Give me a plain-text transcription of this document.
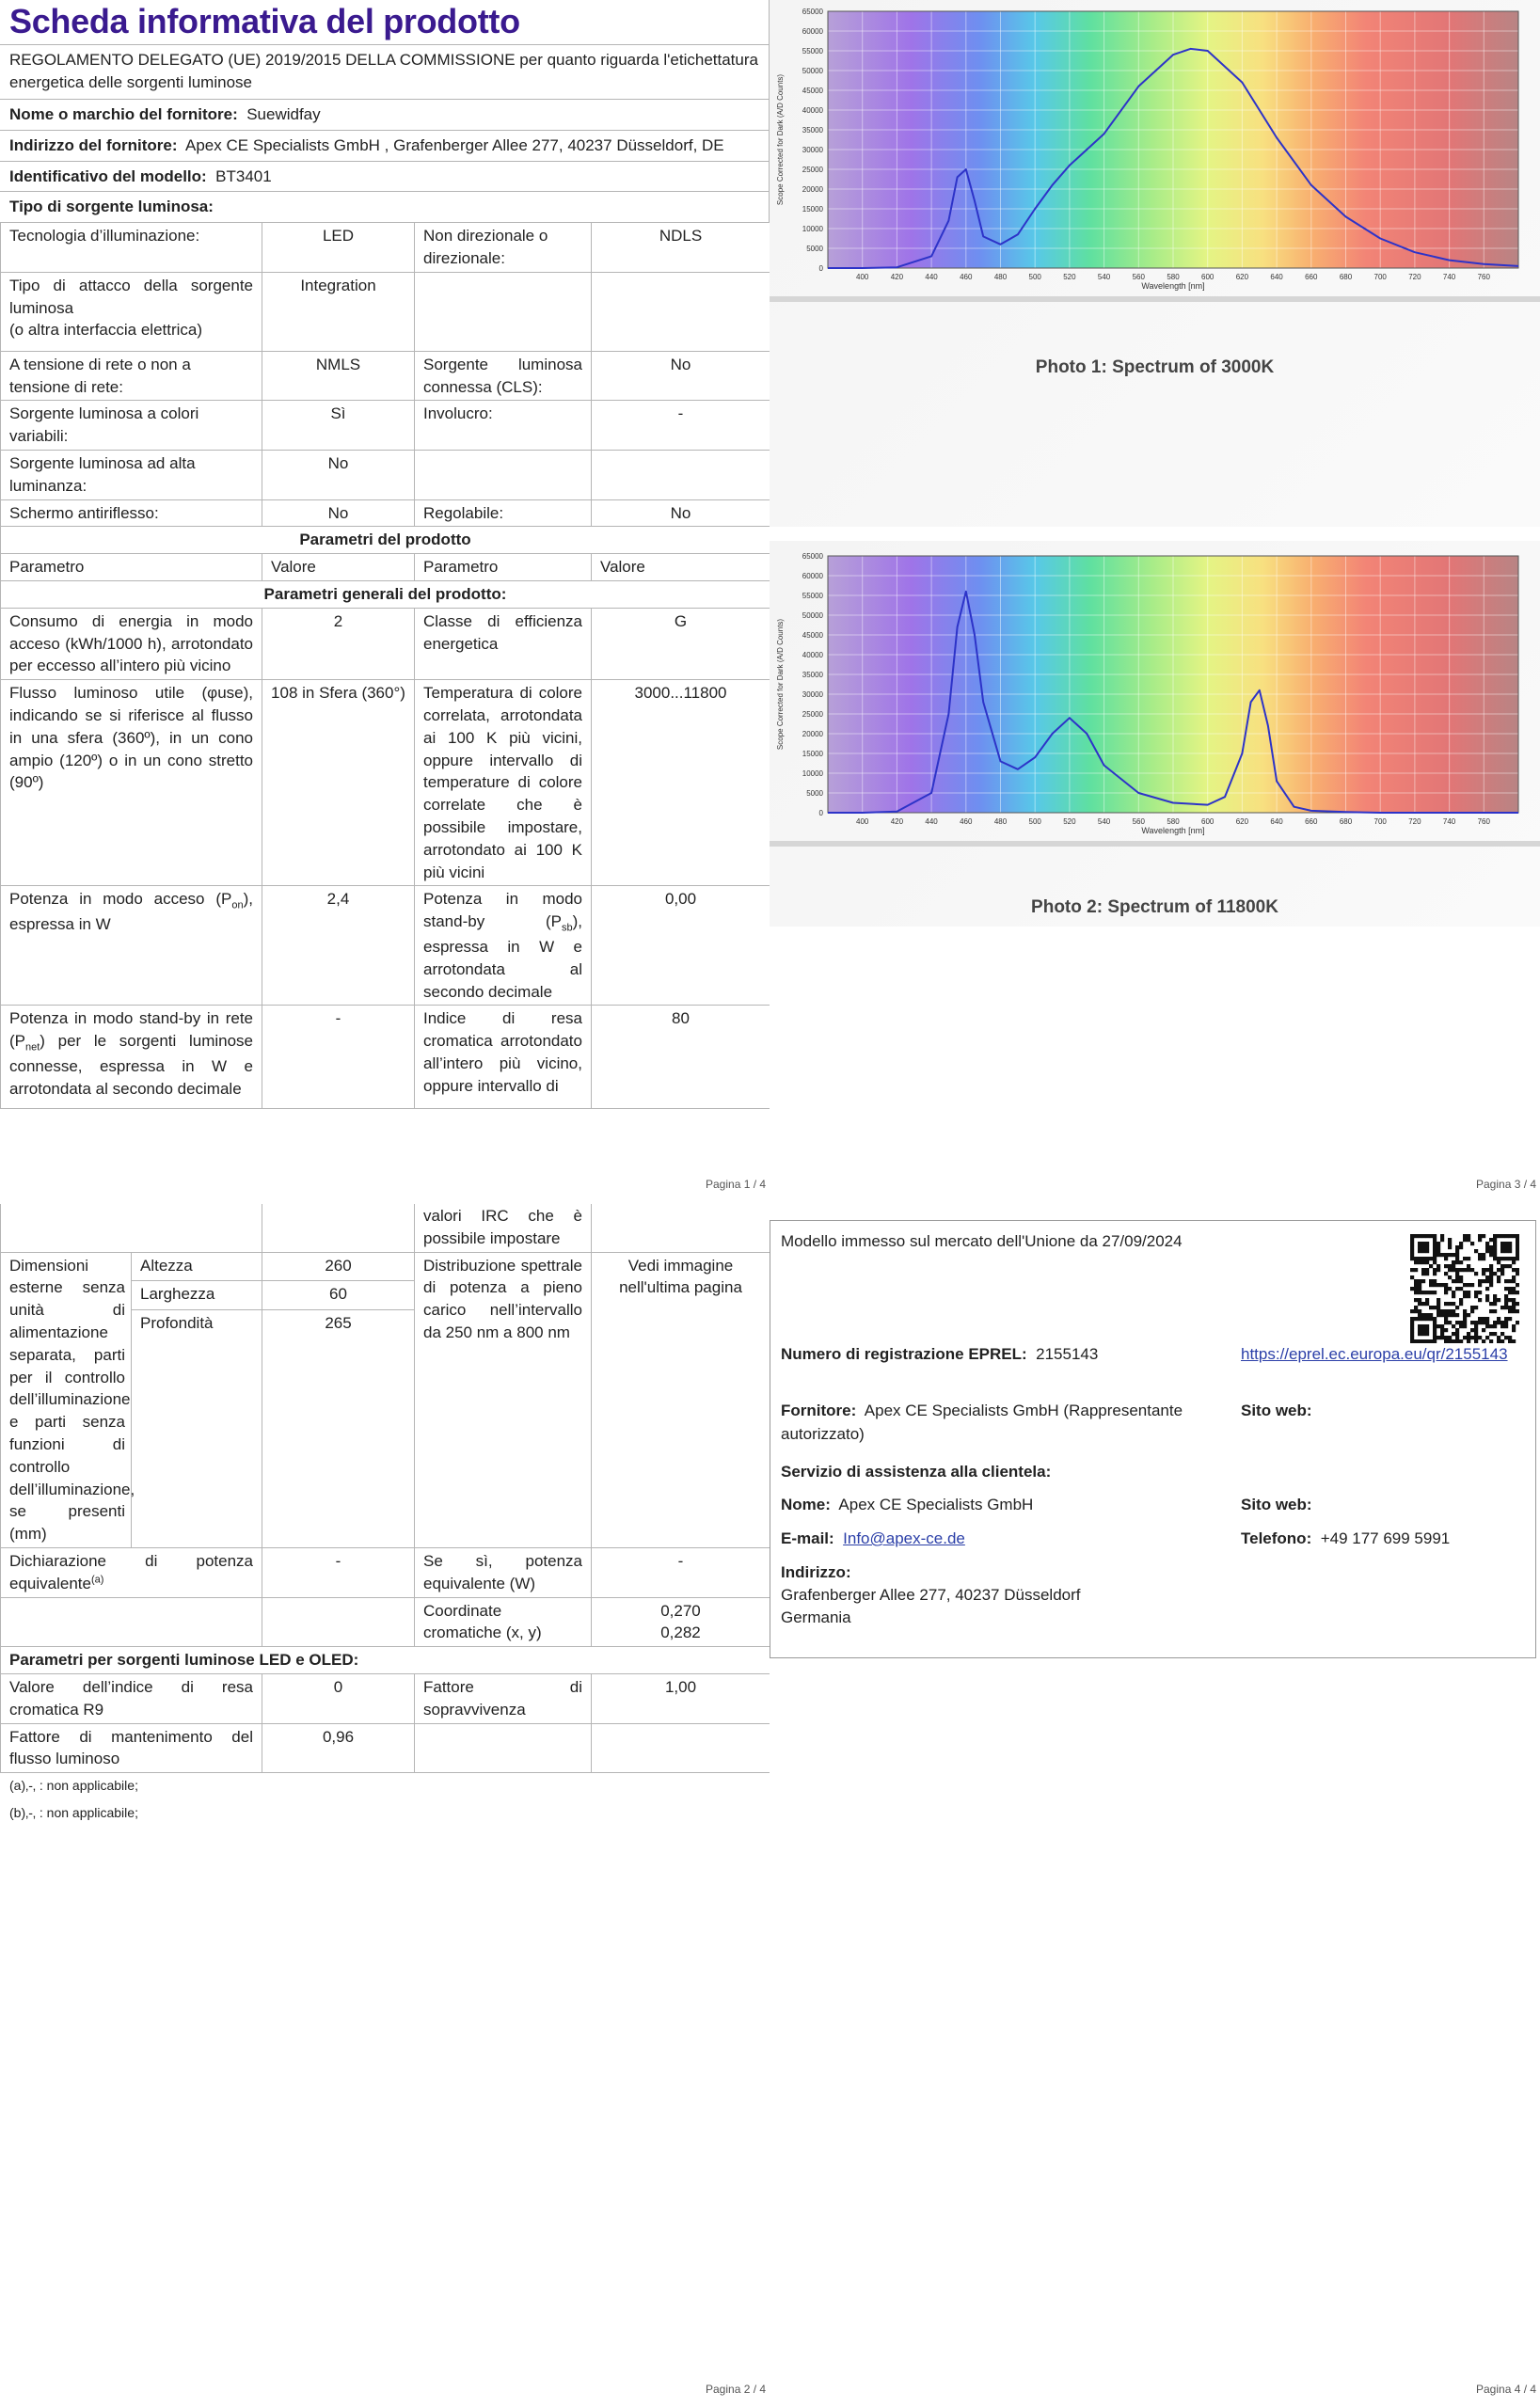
Scheda informativa del prodotto
REGOLAMENTO DELEGATO (UE) 2019/2015 DELLA COMMISSIONE per quanto riguarda l'etichettatura energetica delle sorgenti luminose
Nome o marchio del fornitore: Suewidfay
Indirizzo del fornitore: Apex CE Specialists GmbH , Grafenberger Allee 277, 40237 Düsseldorf, DE
Identificativo del modello: BT3401
Tipo di sorgente luminosa:
Tecnologia d’illuminazione:	LED	Non direzionale o direzionale:	NDLS
Tipo di attacco della sorgente luminosa
(o altra interfaccia elettrica)	Integration		
A tensione di rete o non a tensione di rete:	NMLS	Sorgente luminosa connessa (CLS):	No
Sorgente luminosa a colori variabili:	Sì	Involucro:	-
Sorgente luminosa ad alta luminanza:	No		
Schermo antiriflesso:	No	Regolabile:	No
Parametri del prodotto			
Parametro	Valore	Parametro	Valore
Parametri generali del prodotto:			
Consumo di energia in modo acceso (kWh/1000 h), arrotondato per eccesso all’intero più vicino	2	Classe di efficienza energetica	G
Flusso luminoso utile (φuse), indicando se si riferisce al flusso in una sfera (360º), in un cono ampio (120º) o in un cono stretto (90º)	108 in Sfera (360°)	Temperatura di colore correlata, arrotondata ai 100 K più vicini, oppure intervallo di temperature di colore correlate che è possibile impostare, arrotondato ai 100 K più vicini	3000...11800
Potenza in modo acceso $(P_{on})$, espressa in W	2,4	Potenza in modo stand-by $(P_{sb})$, espressa in W e arrotondata al secondo decimale	0,00
Potenza in modo stand-by in rete $(P_{net})$ per le sorgenti luminose connesse, espressa in W e arrotondata al secondo decimale	-	Indice di resa cromatica arrotondato all’intero più vicino, oppure intervallo di	80
Pagina 1 / 4
0
5000
10000
15000
20000
25000
30000
35000
40000
45000
50000
55000
60000
65000
400	420	440	460	480	500	520	540	560	580	600	620	640	660	680	700	720	740	760
Wavelength [nm]
Scope Corrected for Dark (A/D Counts)
Photo 1: Spectrum of 3000K
0
5000
10000
15000
20000
25000
30000
35000
40000
45000
50000
55000
60000
65000
400	420	440	460	480	500	520	540	560	580	600	620	640	660	680	700	720	740	760
Wavelength [nm]
Scope Corrected for Dark (A/D Counts)
Photo 2: Spectrum of 11800K
Pagina 3 / 4
			valori IRC che è possibile impostare	
Dimensioni esterne senza unità di alimentazione separata, parti per il controllo dell’illuminazione e parti senza funzioni di controllo dell’illuminazione, se presenti (mm)	Altezza	260	Distribuzione spettrale di potenza a pieno carico nell’intervallo da 250 nm a 800 nm	Vedi immagine nell'ultima pagina
	Larghezza	60		
	Profondità	265		
Dichiarazione di potenza equivalente$^{(a)}$		-	Se sì, potenza equivalente (W)	-
			Coordinate cromatiche (x, y)	0,270
0,282
Parametri per sorgenti luminose LED e OLED:				
Valore dell’indice di resa cromatica R9		0	Fattore di sopravvivenza	1,00
Fattore di mantenimento del flusso luminoso		0,96		
(a)‚-‚ : non applicabile;
(b)‚-‚ : non applicabile;
Pagina 2 / 4
Modello immesso sul mercato dell'Unione da 27/09/2024
Numero di registrazione EPREL: 2155143	https://eprel.ec.europa.eu/qr/2155143
Fornitore: Apex CE Specialists GmbH (Rappresentante autorizzato)
Sito web:
Servizio di assistenza alla clientela:
Nome: Apex CE Specialists GmbH	Sito web:
E-mail: Info@apex-ce.de	Telefono: +49 177 699 5991
Indirizzo:
Grafenberger Allee 277, 40237 Düsseldorf
Germania
Pagina 4 / 4
